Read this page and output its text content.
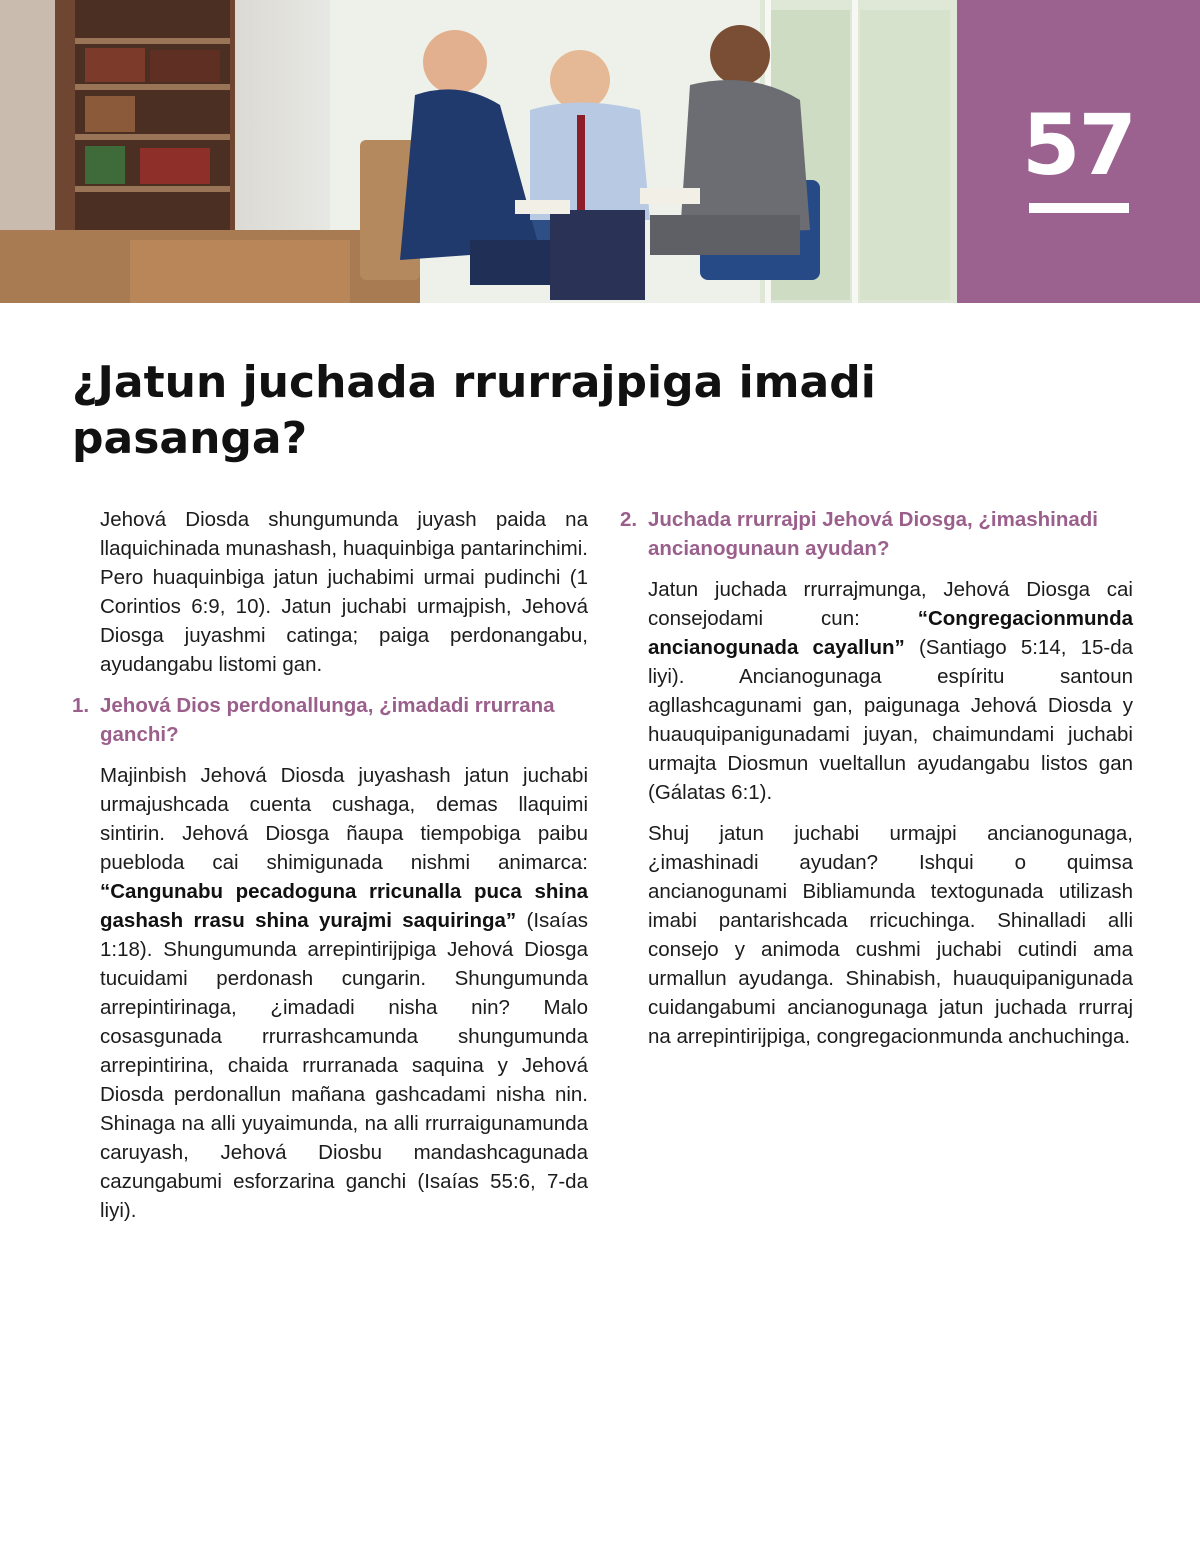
57
¿Jatun juchada rrurrajpiga imadi pasanga?

Jehová Diosda shungumunda juyash paida na llaquichinada munashash, huaquinbiga pantarinchimi. Pero huaquinbiga jatun juchabimi urmai pudinchi (1 Corintios 6:9, 10). Jatun juchabi urmajpish, Jehová Diosga juyashmi catinga; paiga perdonangabu, ayudangabu listomi gan.

1. Jehová Dios perdonallunga, ¿imadadi rrurrana ganchi?

Majinbish Jehová Diosda juyashash jatun juchabi urmajushcada cuenta cushaga, demas llaquimi sintirin. Jehová Diosga ñaupa tiempobiga paibu puebloda cai shimigunada nishmi animarca: “Cangunabu pecadoguna rricunalla puca shina gashash rrasu shina yurajmi saquiringa” (Isaías 1:18). Shungumunda arrepintirijpiga Jehová Diosga tucuidami perdonash cungarin. Shungumunda arrepintirinaga, ¿imadadi nisha nin? Malo cosasgunada rrurrashcamunda shungumunda arrepintirina, chaida rrurranada saquina y Jehová Diosda perdonallun mañana gashcadami nisha nin. Shinaga na alli yuyaimunda, na alli rrurraigunamunda caruyash, Jehová Diosbu mandashcagunada cazungabumi esforzarina ganchi (Isaías 55:6, 7-da liyi).

2. Juchada rrurrajpi Jehová Diosga, ¿imashinadi ancianogunaun ayudan?

Jatun juchada rrurrajmunga, Jehová Diosga cai consejodami cun: “Congregacionmunda ancianogunada cayallun” (Santiago 5:14, 15-da liyi). Ancianogunaga espíritu santoun agllashcagunami gan, paigunaga Jehová Diosda y huauquipanigunadami juyan, chaimundami juchabi urmajta Diosmun vueltallun ayudangabu listos gan (Gálatas 6:1).

Shuj jatun juchabi urmajpi ancianogunaga, ¿imashinadi ayudan? Ishqui o quimsa ancianogunami Bibliamunda textogunada utilizash imabi pantarishcada rricuchinga. Shinalladi alli consejo y animoda cushmi juchabi cutindi ama urmallun ayudanga. Shinabish, huauquipanigunada cuidangabumi ancianogunaga jatun juchada rrurraj na arrepintirijpiga, congregacionmunda anchuchinga.
